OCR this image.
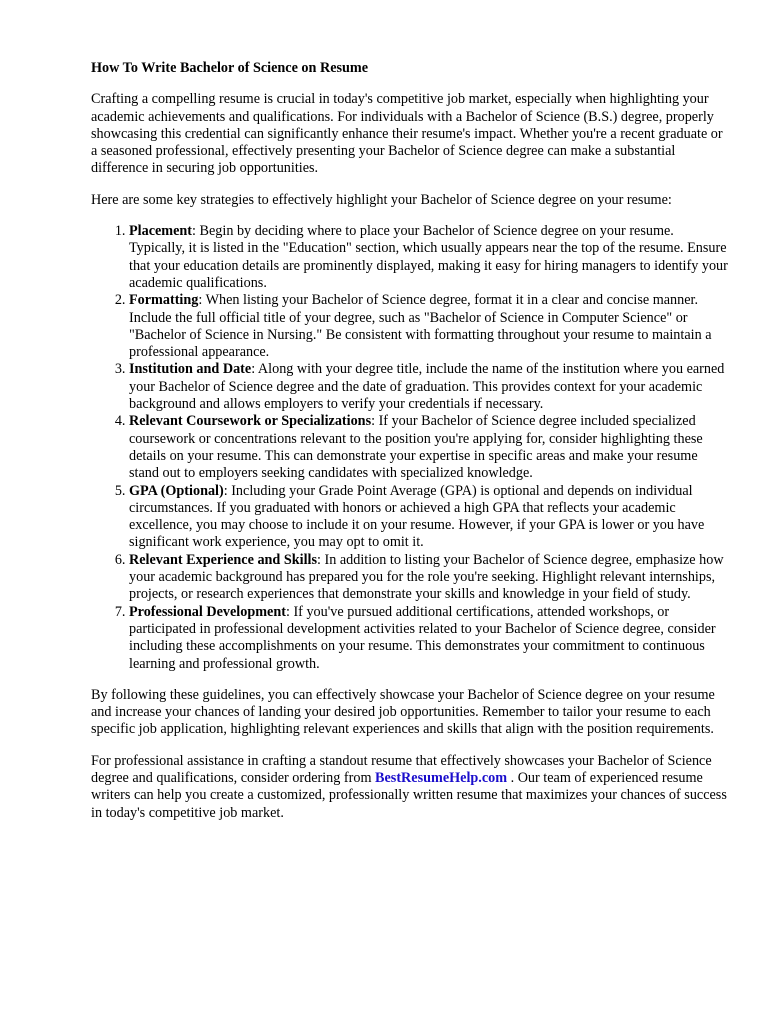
How To Write Bachelor of Science on Resume

Crafting a compelling resume is crucial in today's competitive job market, especially when highlighting your academic achievements and qualifications. For individuals with a Bachelor of Science (B.S.) degree, properly showcasing this credential can significantly enhance their resume's impact. Whether you're a recent graduate or a seasoned professional, effectively presenting your Bachelor of Science degree can make a substantial difference in securing job opportunities.

Here are some key strategies to effectively highlight your Bachelor of Science degree on your resume:

1. Placement: Begin by deciding where to place your Bachelor of Science degree on your resume. Typically, it is listed in the "Education" section, which usually appears near the top of the resume. Ensure that your education details are prominently displayed, making it easy for hiring managers to identify your academic qualifications.
2. Formatting: When listing your Bachelor of Science degree, format it in a clear and concise manner. Include the full official title of your degree, such as "Bachelor of Science in Computer Science" or "Bachelor of Science in Nursing." Be consistent with formatting throughout your resume to maintain a professional appearance.
3. Institution and Date: Along with your degree title, include the name of the institution where you earned your Bachelor of Science degree and the date of graduation. This provides context for your academic background and allows employers to verify your credentials if necessary.
4. Relevant Coursework or Specializations: If your Bachelor of Science degree included specialized coursework or concentrations relevant to the position you're applying for, consider highlighting these details on your resume. This can demonstrate your expertise in specific areas and make your resume stand out to employers seeking candidates with specialized knowledge.
5. GPA (Optional): Including your Grade Point Average (GPA) is optional and depends on individual circumstances. If you graduated with honors or achieved a high GPA that reflects your academic excellence, you may choose to include it on your resume. However, if your GPA is lower or you have significant work experience, you may opt to omit it.
6. Relevant Experience and Skills: In addition to listing your Bachelor of Science degree, emphasize how your academic background has prepared you for the role you're seeking. Highlight relevant internships, projects, or research experiences that demonstrate your skills and knowledge in your field of study.
7. Professional Development: If you've pursued additional certifications, attended workshops, or participated in professional development activities related to your Bachelor of Science degree, consider including these accomplishments on your resume. This demonstrates your commitment to continuous learning and professional growth.

By following these guidelines, you can effectively showcase your Bachelor of Science degree on your resume and increase your chances of landing your desired job opportunities. Remember to tailor your resume to each specific job application, highlighting relevant experiences and skills that align with the position requirements.

For professional assistance in crafting a standout resume that effectively showcases your Bachelor of Science degree and qualifications, consider ordering from BestResumeHelp.com . Our team of experienced resume writers can help you create a customized, professionally written resume that maximizes your chances of success in today's competitive job market.
